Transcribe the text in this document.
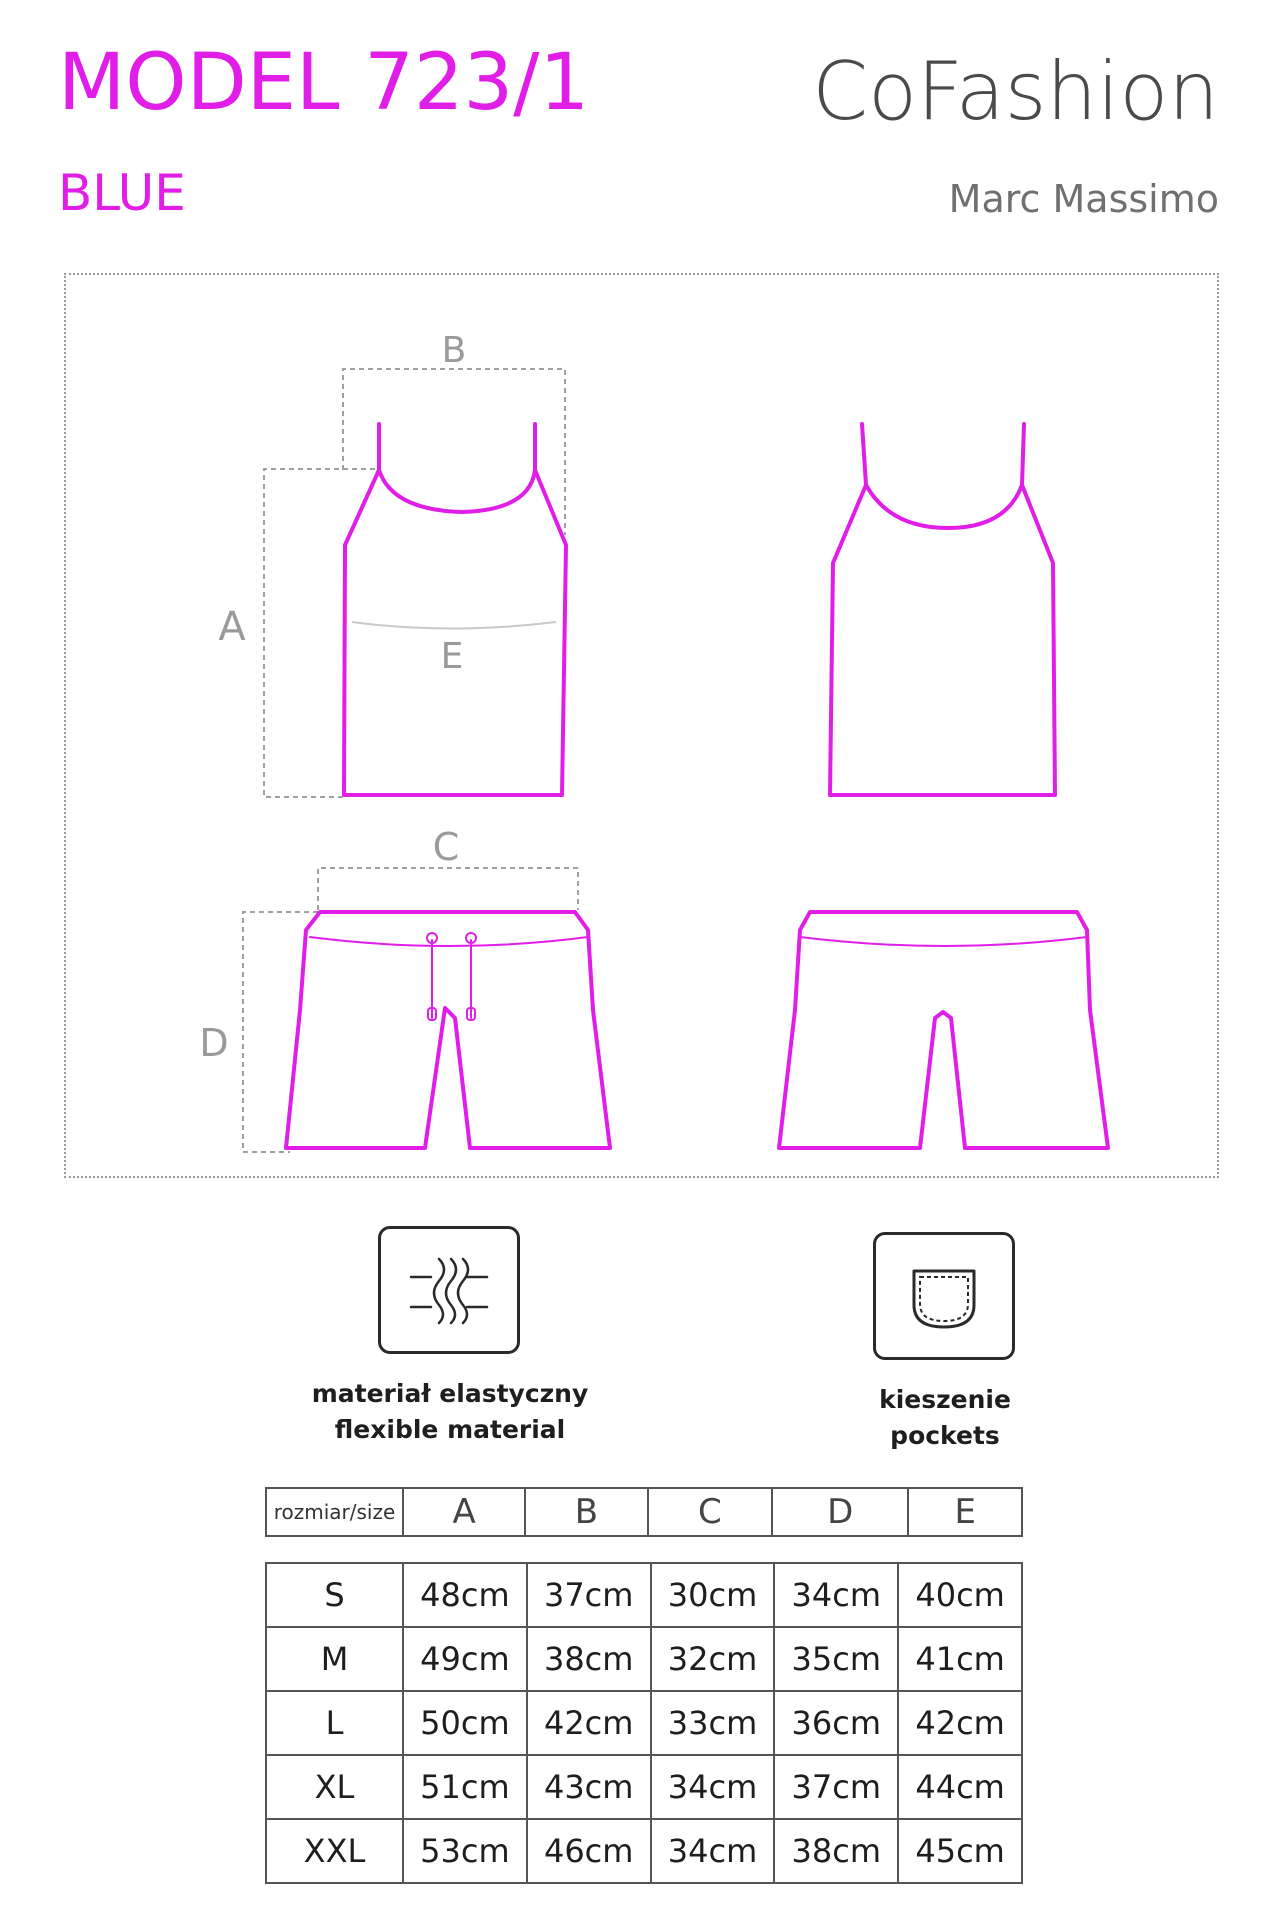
MODEL 723/1
BLUE
CoFashion
Marc Massimo
B
A
E
C
D
materiał elastyczny
flexible material
kieszenie
pockets
rozmiar/size	A	B	C	D	E
S	48cm	37cm	30cm	34cm	40cm
M	49cm	38cm	32cm	35cm	41cm
L	50cm	42cm	33cm	36cm	42cm
XL	51cm	43cm	34cm	37cm	44cm
XXL	53cm	46cm	34cm	38cm	45cm
